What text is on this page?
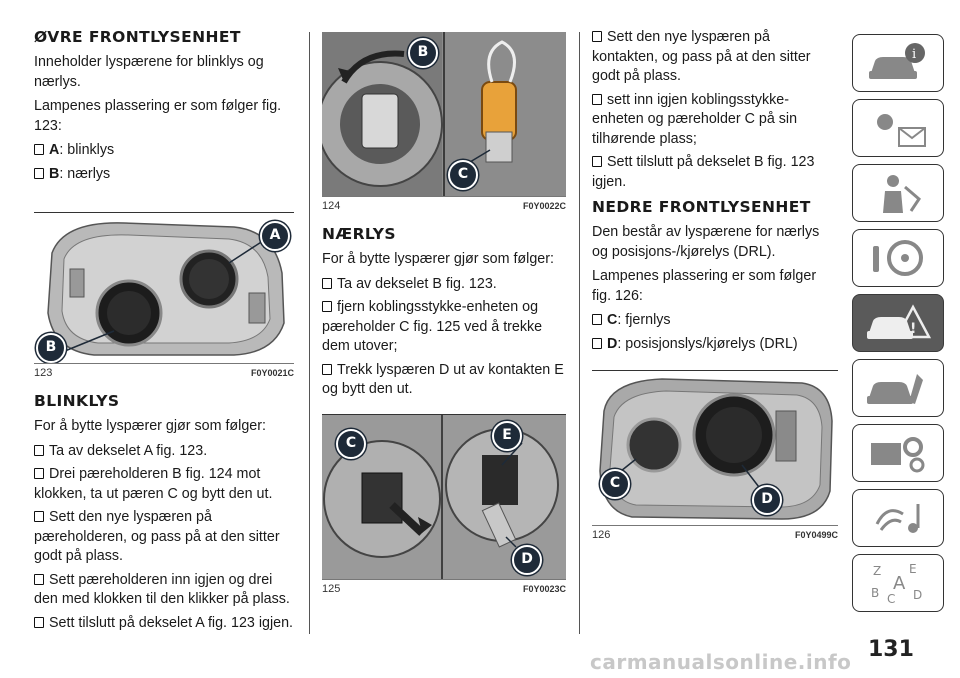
ØVRE FRONTLYSENHET

Inneholder lyspærene for blinklys og nærlys.

Lampenes plassering er som følger fig. 123:

A: blinklys
B: nærlys
A
B
123	F0Y0021C
BLINKLYS

For å bytte lyspærer gjør som følger:

Ta av dekselet A fig. 123.
Drei pæreholderen B fig. 124 mot klokken, ta ut pæren C og bytt den ut.
Sett den nye lyspæren på pæreholderen, og pass på at den sitter godt på plass.
Sett pæreholderen inn igjen og drei den med klokken til den klikker på plass.
Sett tilslutt på dekselet A fig. 123 igjen.
B
C
124	F0Y0022C
NÆRLYS

For å bytte lyspærer gjør som følger:

Ta av dekselet B fig. 123.
fjern koblingsstykke-enheten og pæreholder C fig. 125 ved å trekke dem utover;
Trekk lyspæren D ut av kontakten E og bytt den ut.
C	E
D
125	F0Y0023C
Sett den nye lyspæren på kontakten, og pass på at den sitter godt på plass.
sett inn igjen koblingsstykke-enheten og pæreholder C på sin tilhørende plass;
Sett tilslutt på dekselet B fig. 123 igjen.
NEDRE FRONTLYSENHET

Den består av lyspærene for nærlys og posisjons-/kjørelys (DRL).

Lampenes plassering er som følger fig. 126:

C: fjernlys
D: posisjonslys/kjørelys (DRL)
C
D
126	F0Y0499C
i
!
Z E
A
B C D
131
carmanualsonline.info
